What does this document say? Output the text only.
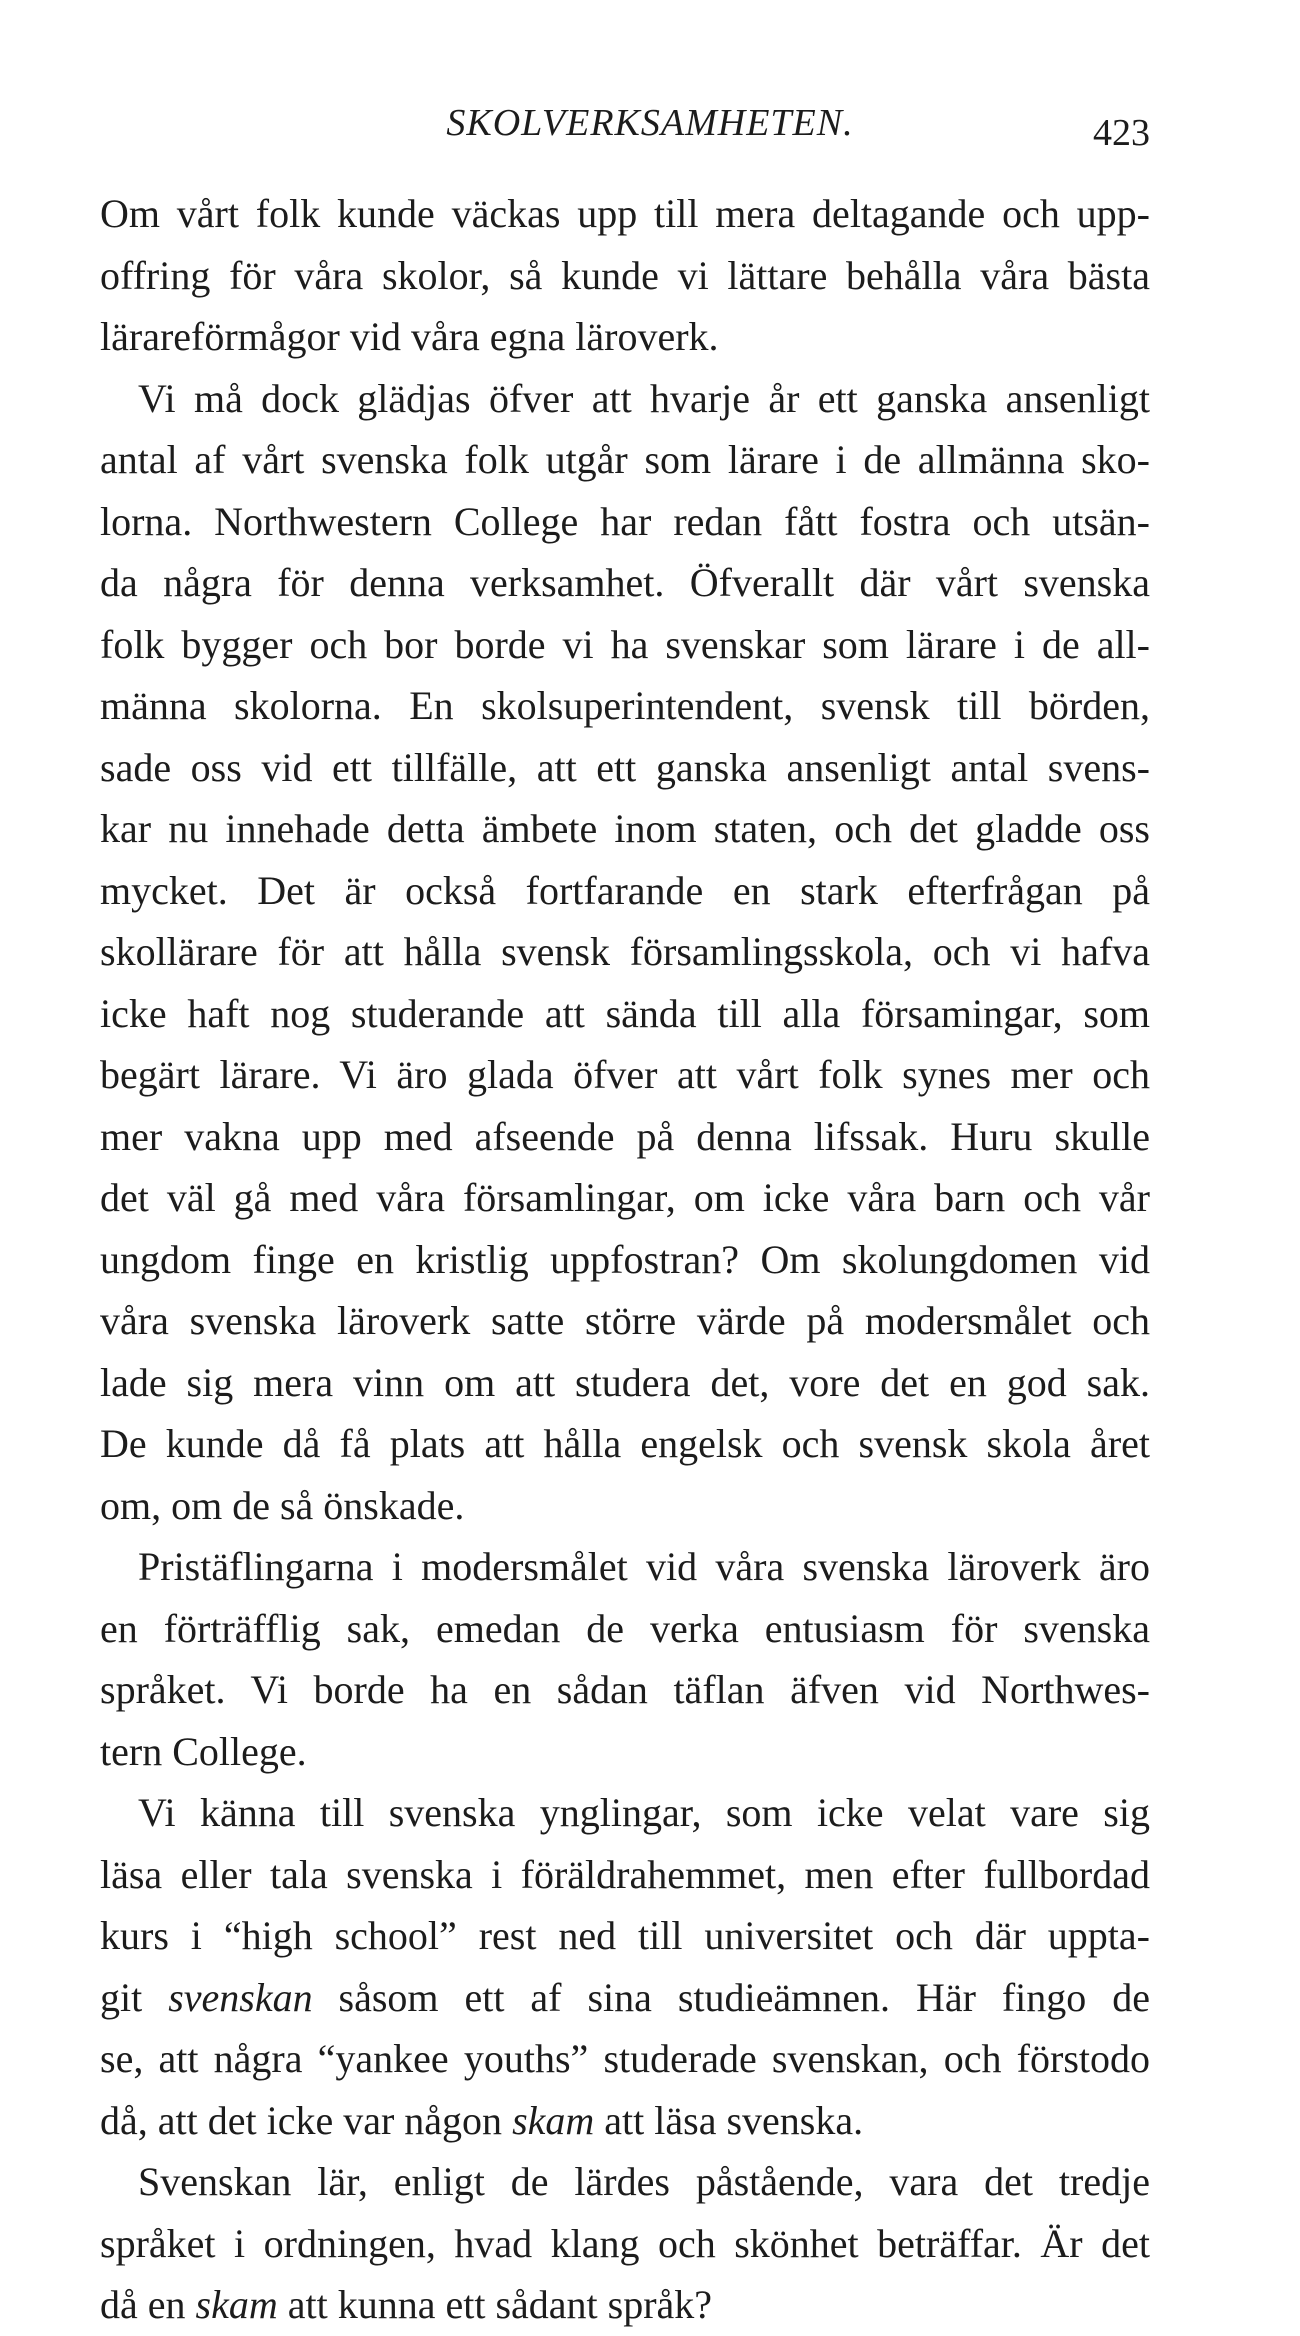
SKOLVERKSAMHETEN.	423
Om vårt folk kunde väckas upp till mera deltagande och upp-
offring för våra skolor, så kunde vi lättare behålla våra bästa
lärareförmågor vid våra egna läroverk.
Vi må dock glädjas öfver att hvarje år ett ganska ansenligt
antal af vårt svenska folk utgår som lärare i de allmänna sko-
lorna. Northwestern College har redan fått fostra och utsän-
da några för denna verksamhet. Öfverallt där vårt svenska
folk bygger och bor borde vi ha svenskar som lärare i de all-
männa skolorna. En skolsuperintendent, svensk till börden,
sade oss vid ett tillfälle, att ett ganska ansenligt antal svens-
kar nu innehade detta ämbete inom staten, och det gladde oss
mycket. Det är också fortfarande en stark efterfrågan på
skollärare för att hålla svensk församlingsskola, och vi hafva
icke haft nog studerande att sända till alla församingar, som
begärt lärare. Vi äro glada öfver att vårt folk synes mer och
mer vakna upp med afseende på denna lifssak. Huru skulle
det väl gå med våra församlingar, om icke våra barn och vår
ungdom finge en kristlig uppfostran? Om skolungdomen vid
våra svenska läroverk satte större värde på modersmålet och
lade sig mera vinn om att studera det, vore det en god sak.
De kunde då få plats att hålla engelsk och svensk skola året
om, om de så önskade.
Pristäflingarna i modersmålet vid våra svenska läroverk äro
en förträfflig sak, emedan de verka entusiasm för svenska
språket. Vi borde ha en sådan täflan äfven vid Northwes-
tern College.
Vi känna till svenska ynglingar, som icke velat vare sig
läsa eller tala svenska i föräldrahemmet, men efter fullbordad
kurs i “high school” rest ned till universitet och där uppta-
git svenskan såsom ett af sina studieämnen. Här fingo de
se, att några “yankee youths” studerade svenskan, och förstodo
då, att det icke var någon skam att läsa svenska.
Svenskan lär, enligt de lärdes påstående, vara det tredje
språket i ordningen, hvad klang och skönhet beträffar. Är det
då en skam att kunna ett sådant språk?
